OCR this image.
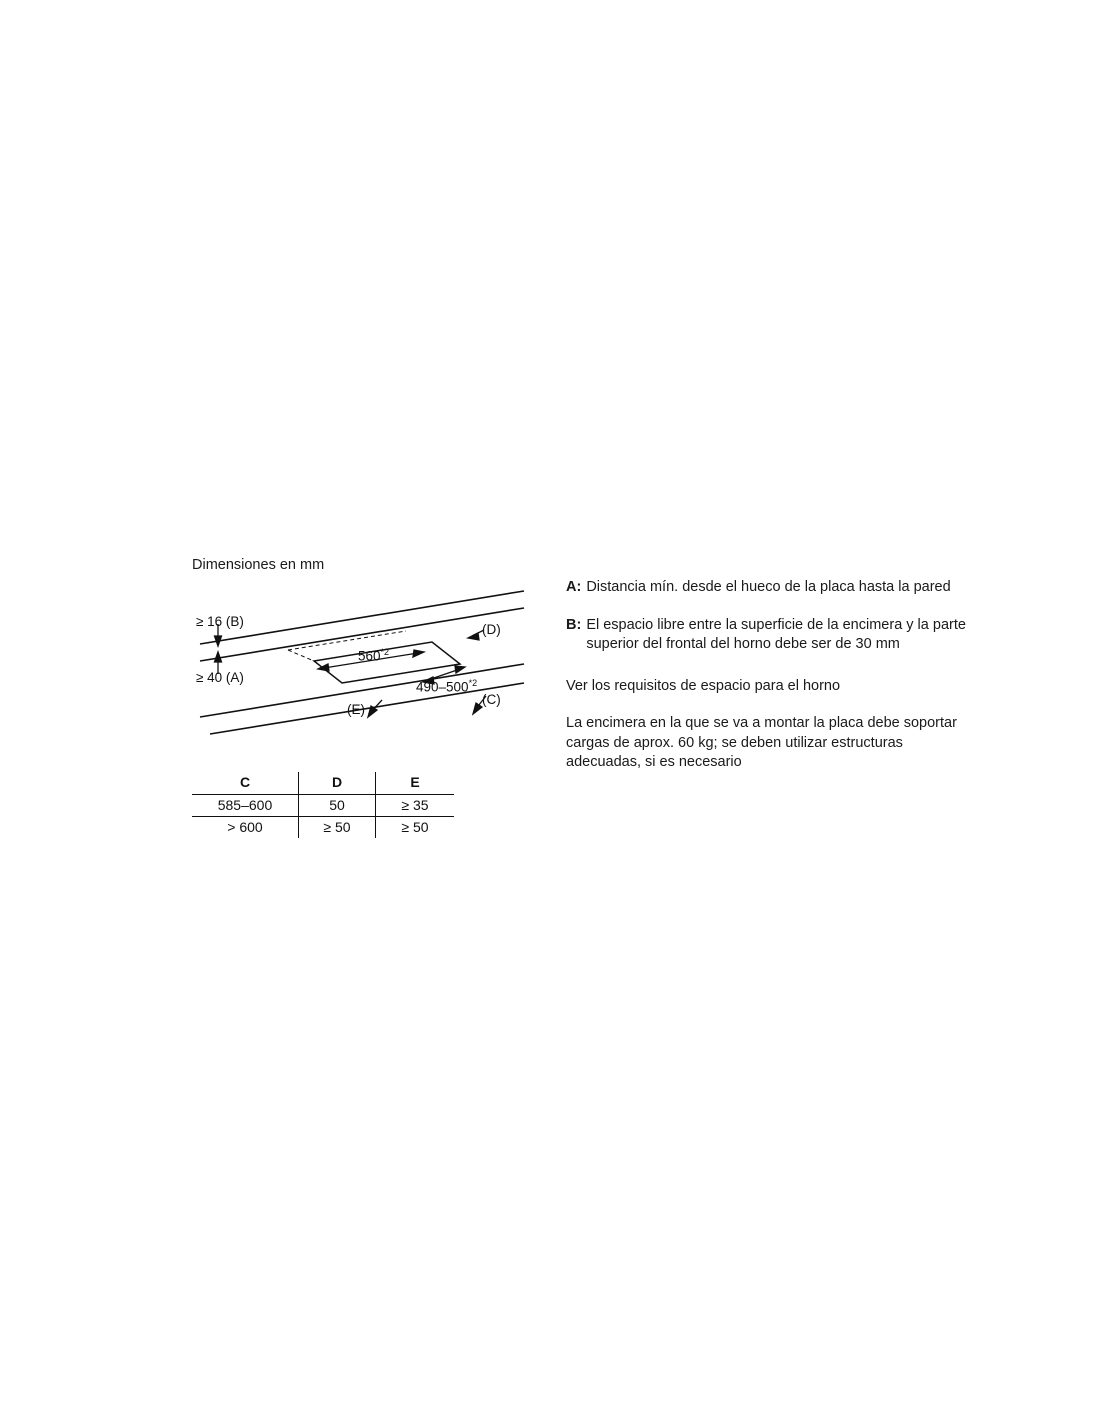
Dimensiones en mm
≥ 16 (B)
≥ 40 (A)
560$^{*2}$
490–500$^{*2}$
(D)
(C)
(E)
C	D	E
585–600	50	≥ 35
> 600	≥ 50	≥ 50
A: Distancia mín. desde el hueco de la placa hasta la pared
B: El espacio libre entre la superficie de la encimera y la parte superior del frontal del horno debe ser de 30 mm
Ver los requisitos de espacio para el horno
La encimera en la que se va a montar la placa debe soportar cargas de aprox. 60 kg; se deben utilizar estructuras adecuadas, si es necesario
